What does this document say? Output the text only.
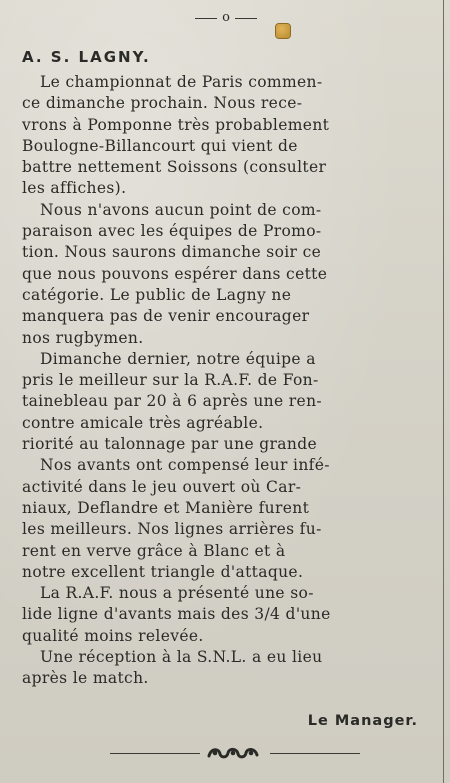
o
A. S. LAGNY.

Le championnat de Paris commen-

ce dimanche prochain. Nous rece-

vrons à Pomponne très probablement

Boulogne-Billancourt qui vient de

battre nettement Soissons (consulter

les affiches).

Nous n'avons aucun point de com-

paraison avec les équipes de Promo-

tion. Nous saurons dimanche soir ce

que nous pouvons espérer dans cette

catégorie. Le public de Lagny ne

manquera pas de venir encourager

nos rugbymen.

Dimanche dernier, notre équipe a

pris le meilleur sur la R.A.F. de Fon-

tainebleau par 20 à 6 après une ren-

contre amicale très agréable.

riorité au talonnage par une grande

Nos avants ont compensé leur infé-

activité dans le jeu ouvert où Car-

niaux, Deflandre et Manière furent

les meilleurs. Nos lignes arrières fu-

rent en verve grâce à Blanc et à

notre excellent triangle d'attaque.

La R.A.F. nous a présenté une so-

lide ligne d'avants mais des 3/4 d'une

qualité moins relevée.

Une réception à la S.N.L. a eu lieu

après le match.

Le Manager.
